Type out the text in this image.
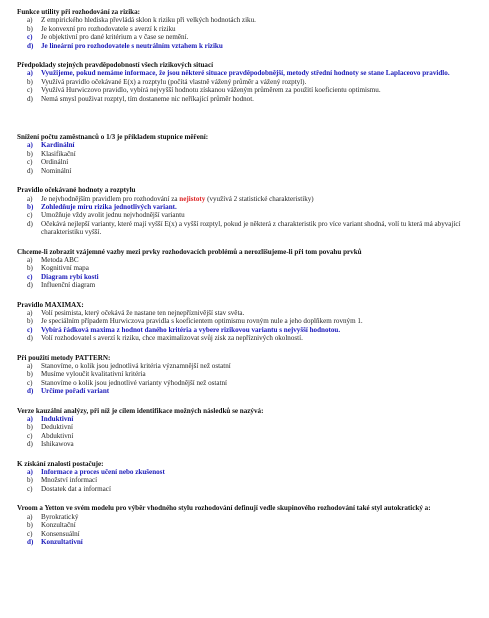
Funkce utility při rozhodování za rizika:
a)	Z empirického hlediska převládá sklon k riziku při velkých hodnotách ziku.
b)	Je konvexní pro rozhodovatele s averzí k riziku
c)	Je objektivní pro dané kritérium a v čase se nemění.
d)	Je lineární pro rozhodovatele s neutrálním vztahem k riziku
Předpoklady stejných pravděpodobností všech rizikových situací
a)	Využijeme, pokud nemáme informace, že jsou některé situace pravděpodobnější, metody střední hodnoty se stane Laplaceovo pravidlo.
b)	Využívá pravidlo očekávané E(x) a rozptylu (počítá vlastně vážený průměr a vážený rozptyl).
c)	Využívá Hurwiczovo pravidlo, vybírá nejvyšší hodnotu získanou váženým průměrem za použití koeficientu optimismu.
d)	Nemá smysl použivat rozptyl, tím dostaneme nic neříkající průměr hodnot.
Snížení počtu zaměstnanců o 1/3 je příkladem stupnice měření:
a)	Kardinální
b)	Klasifikační
c)	Ordinální
d)	Nominální
Pravidlo očekávané hodnoty a rozptylu
a)	Je nejvhodnějším pravidlem pro rozhodování za nejistoty (využívá 2 statistické charakteristiky)
b)	Zohledňuje míru rizika jednotlivých variant.
c)	Umožňuje vždy avolit jednu nejvhodnější variantu
d)	Očekává nejlepší varianty, které mají vyšší E(x) a vyšší rozptyl, pokud je některá z charakteristik pro více variant shodná, volí tu která má abyvající charakteristiku vyšší.
Chceme-li zobrazit vzájemné vazby mezi prvky rozhodovacích problémů a nerozlišujeme-li při tom povahu prvků
a)	Metoda ABC
b)	Kognitivní mapa
c)	Diagram rybí kosti
d)	Influenční diagram
Pravidlo MAXIMAX:
a)	Volí pesimista, který očekává že nastane ten nejnepříznivější stav světa.
b)	Je speciálním případem Hurwiczova pravidla s koeficientem optimismu rovným nule a jeho doplňkem rovným 1.
c)	Vybírá řádková maxima z hodnot daného kritéria a vybere rizikovou variantu s nejvyšší hodnotou.
d)	Volí rozhodovatel s averzí k riziku, chce maximalizovat svůj zisk za nepříznivých okolností.
Při použití metody PATTERN:
a)	Stanovíme, o kolik jsou jednotlivá kritéria významnější než ostatní
b)	Musíme vyloučit kvalitativní kritéria
c)	Stanovíme o kolik jsou jednotlivé varianty výhodnější než ostatní
d)	Určíme pořadí variant
Verze kauzální analýzy, při níž je cílem identifikace možných následků se nazývá:
a)	Induktivní
b)	Deduktivní
c)	Abduktivní
d)	Ishikawova
K získání znalosti postačuje:
a)	Informace a proces učení nebo zkušenost
b)	Množství informací
c)	Dostatek dat a informací
Vroom a Yetton ve svém modelu pro výběr vhodného stylu rozhodování definují vedle skupinového rozhodování také styl autokratický a:
a)	Byrokratický
b)	Konzultační
c)	Konsensuální
d)	Konzultativní
